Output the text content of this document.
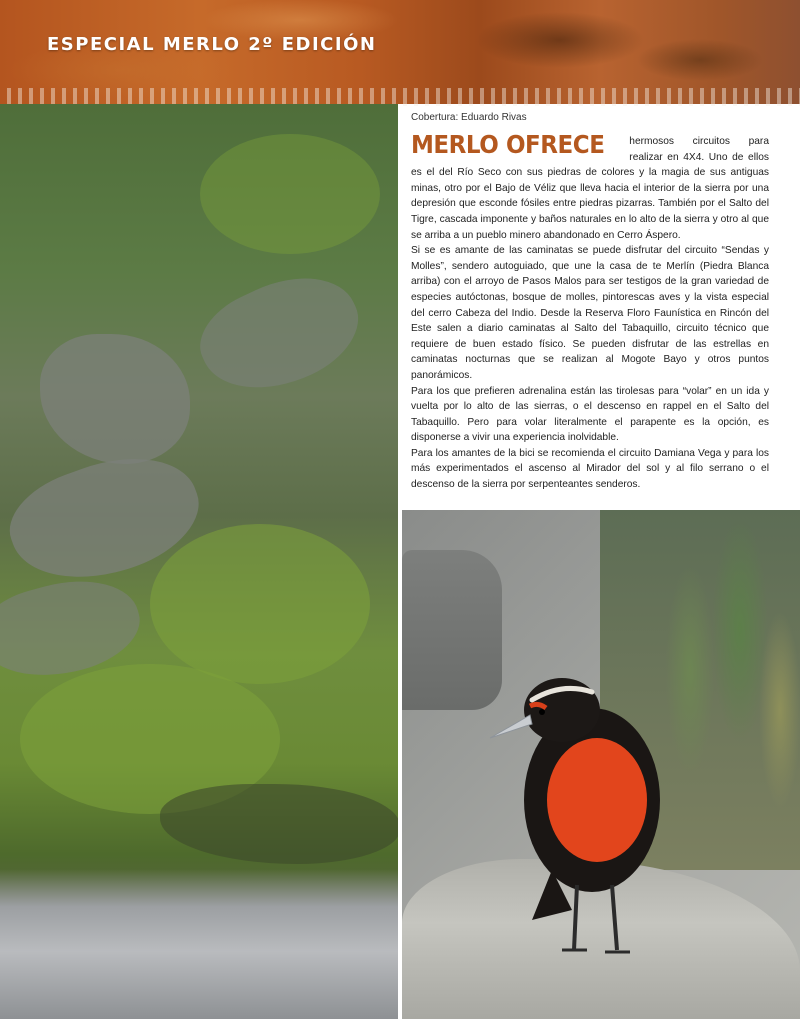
ESPECIAL MERLO 2º EDICIÓN
Cobertura: Eduardo Rivas
MERLO OFRECE	hermosos circuitos para realizar en 4X4. Uno de ellos es el del Río Seco con sus piedras de colores y la magia de sus antiguas minas, otro por el Bajo de Véliz que lleva hacia el interior de la sierra por una depresión que esconde fósiles entre piedras pizarras. También por el Salto del Tigre, cascada imponente y baños naturales en lo alto de la sierra y otro al que se arriba a un pueblo minero abandonado en Cerro Áspero.

Si se es amante de las caminatas se puede disfrutar del circuito “Sendas y Molles”, sendero autoguiado, que une la casa de te Merlín (Piedra Blanca arriba) con el arroyo de Pasos Malos para ser testigos de la gran variedad de especies autóctonas, bosque de molles, pintorescas aves y la vista especial del cerro Cabeza del Indio. Desde la Reserva Floro Faunística en Rincón del Este salen a diario caminatas al Salto del Tabaquillo, circuito técnico que requiere de buen estado físico. Se pueden disfrutar de las estrellas en caminatas nocturnas que se realizan al Mogote Bayo y otros puntos panorámicos.

Para los que prefieren adrenalina están las tirolesas para “volar” en un ida y vuelta por lo alto de las sierras, o el descenso en rappel en el Salto del Tabaquillo. Pero para volar literalmente el parapente es la opción, es disponerse a vivir una experiencia inolvidable.

Para los amantes de la bici se recomienda el circuito Damiana Vega y para los más experimentados el ascenso al Mirador del sol y al filo serrano o el descenso de la sierra por serpenteantes senderos.
